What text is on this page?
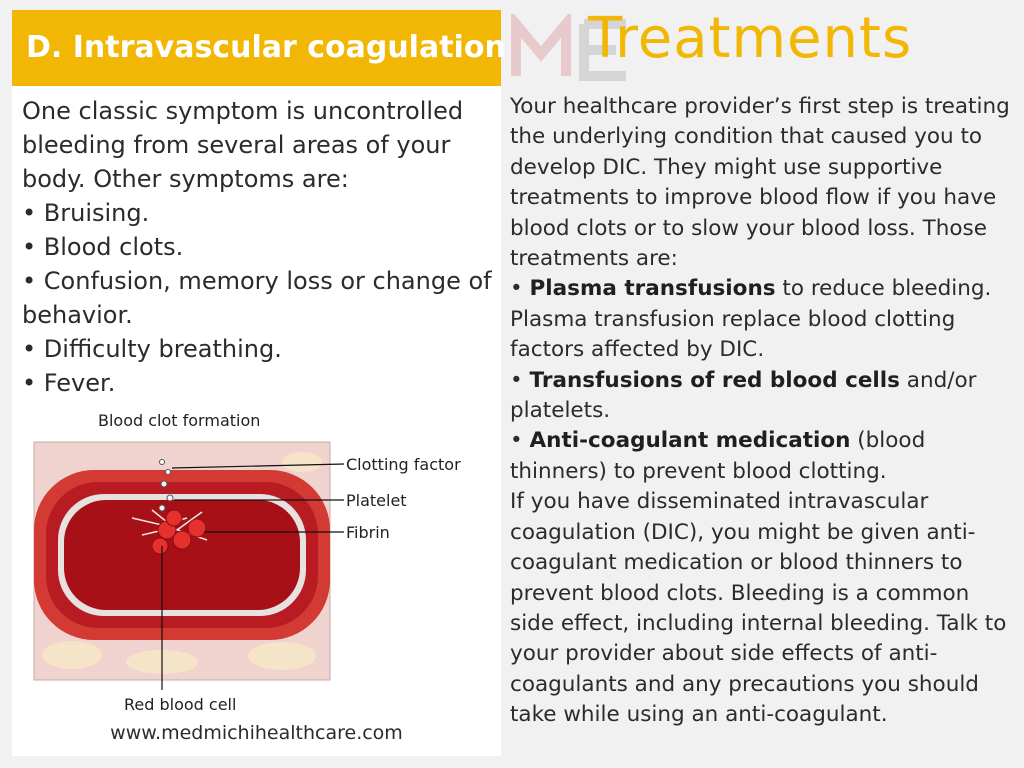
D. Intravascular coagulation

One classic symptom is uncontrolled bleeding from several areas of your body. Other symptoms are:

• Bruising.

• Blood clots.

• Confusion, memory loss or change of behavior.

• Difficulty breathing.

• Fever.

Blood clot formation
Clotting factor
Platelet
Fibrin
Red blood cell
www.medmichihealthcare.com
Treatments

Your healthcare provider’s first step is treating the underlying condition that caused you to develop DIC. They might use supportive treatments to improve blood flow if you have blood clots or to slow your blood loss. Those treatments are:

• Plasma transfusions to reduce bleeding. Plasma transfusion replace blood clotting factors affected by DIC.

• Transfusions of red blood cells and/or platelets.

• Anti-coagulant medication (blood thinners) to prevent blood clotting.

If you have disseminated intravascular coagulation (DIC), you might be given anti-coagulant medication or blood thinners to prevent blood clots. Bleeding is a common side effect, including internal bleeding. Talk to your provider about side effects of anti-coagulants and any precautions you should take while using an anti-coagulant.
